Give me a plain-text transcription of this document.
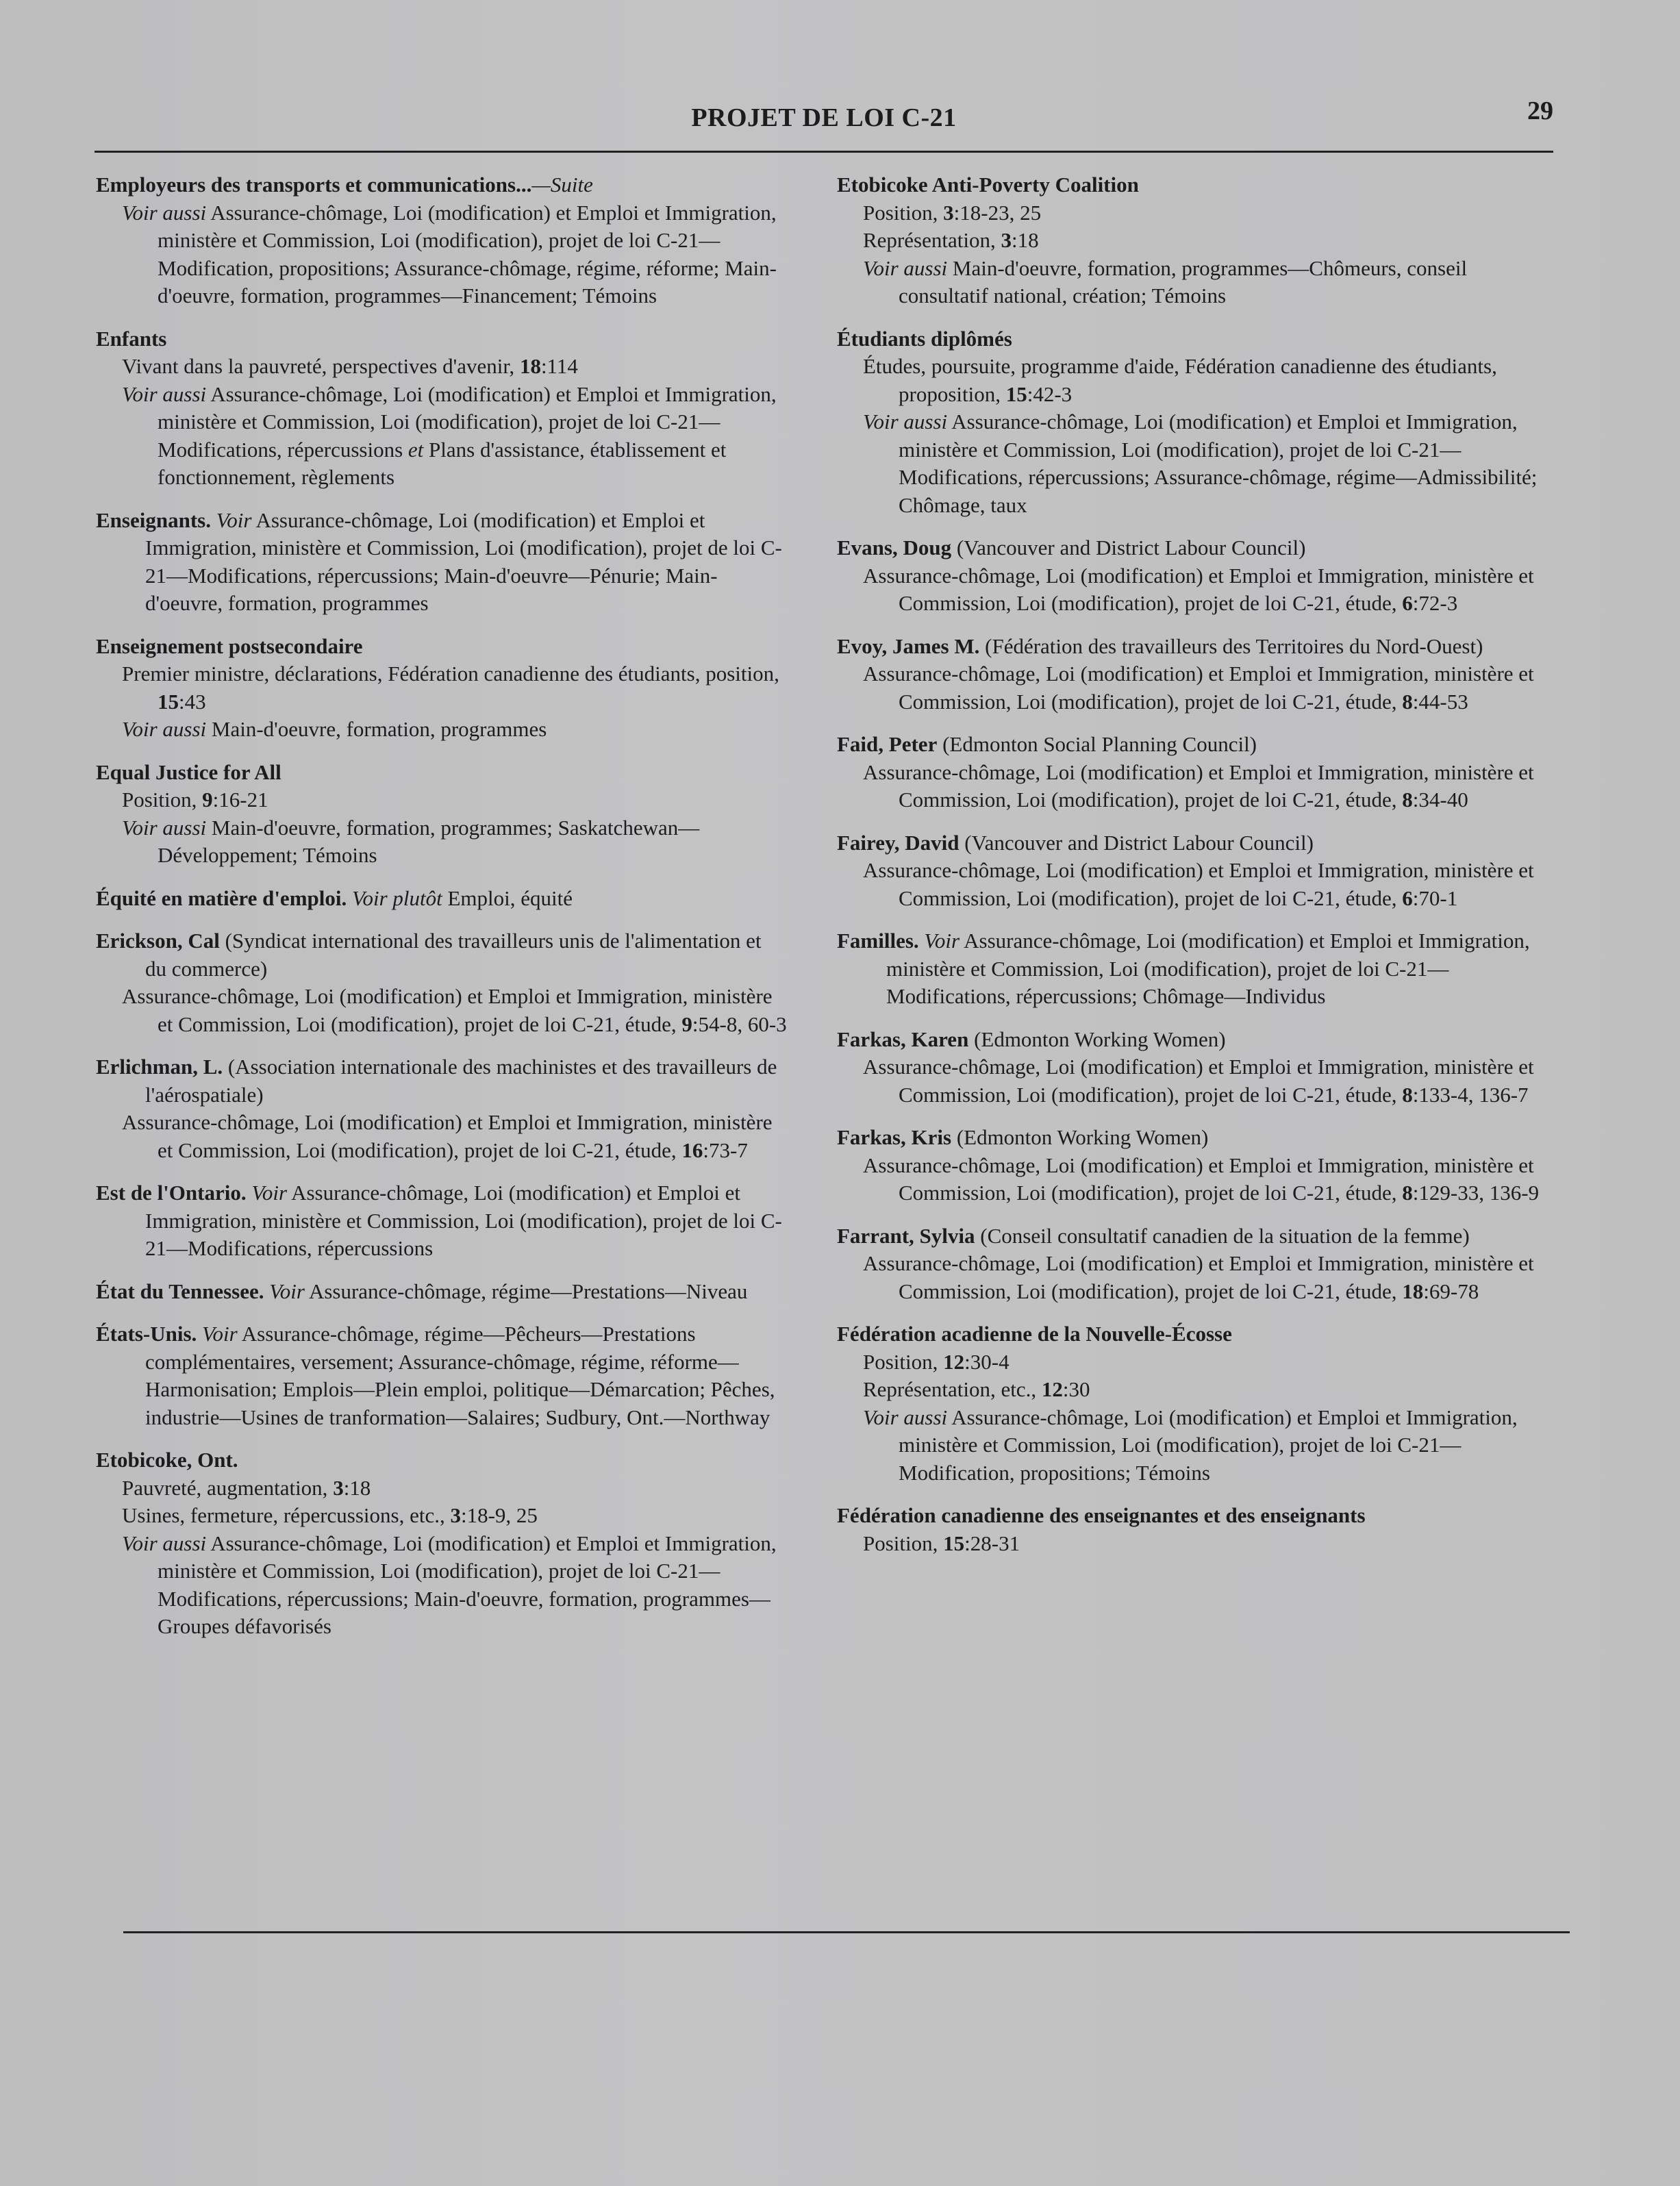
PROJET DE LOI C-21	29
Employeurs des transports et communications...—Suite
Voir aussi Assurance-chômage, Loi (modification) et Emploi et Immigration, ministère et Commission, Loi (modification), projet de loi C-21—Modification, propositions; Assurance-chômage, régime, réforme; Main-d'oeuvre, formation, programmes—Financement; Témoins
Enfants
Vivant dans la pauvreté, perspectives d'avenir, 18:114
Voir aussi Assurance-chômage, Loi (modification) et Emploi et Immigration, ministère et Commission, Loi (modification), projet de loi C-21—Modifications, répercussions et Plans d'assistance, établissement et fonctionnement, règlements
Enseignants. Voir Assurance-chômage, Loi (modification) et Emploi et Immigration, ministère et Commission, Loi (modification), projet de loi C-21—Modifications, répercussions; Main-d'oeuvre—Pénurie; Main-d'oeuvre, formation, programmes
Enseignement postsecondaire
Premier ministre, déclarations, Fédération canadienne des étudiants, position, 15:43
Voir aussi Main-d'oeuvre, formation, programmes
Equal Justice for All
Position, 9:16-21
Voir aussi Main-d'oeuvre, formation, programmes; Saskatchewan—Développement; Témoins
Équité en matière d'emploi. Voir plutôt Emploi, équité
Erickson, Cal (Syndicat international des travailleurs unis de l'alimentation et du commerce)
Assurance-chômage, Loi (modification) et Emploi et Immigration, ministère et Commission, Loi (modification), projet de loi C-21, étude, 9:54-8, 60-3
Erlichman, L. (Association internationale des machinistes et des travailleurs de l'aérospatiale)
Assurance-chômage, Loi (modification) et Emploi et Immigration, ministère et Commission, Loi (modification), projet de loi C-21, étude, 16:73-7
Est de l'Ontario. Voir Assurance-chômage, Loi (modification) et Emploi et Immigration, ministère et Commission, Loi (modification), projet de loi C-21—Modifications, répercussions
État du Tennessee. Voir Assurance-chômage, régime—Prestations—Niveau
États-Unis. Voir Assurance-chômage, régime—Pêcheurs—Prestations complémentaires, versement; Assurance-chômage, régime, réforme—Harmonisation; Emplois—Plein emploi, politique—Démarcation; Pêches, industrie—Usines de tranformation—Salaires; Sudbury, Ont.—Northway
Etobicoke, Ont.
Pauvreté, augmentation, 3:18
Usines, fermeture, répercussions, etc., 3:18-9, 25
Voir aussi Assurance-chômage, Loi (modification) et Emploi et Immigration, ministère et Commission, Loi (modification), projet de loi C-21—Modifications, répercussions; Main-d'oeuvre, formation, programmes—Groupes défavorisés
Etobicoke Anti-Poverty Coalition
Position, 3:18-23, 25
Représentation, 3:18
Voir aussi Main-d'oeuvre, formation, programmes—Chômeurs, conseil consultatif national, création; Témoins
Étudiants diplômés
Études, poursuite, programme d'aide, Fédération canadienne des étudiants, proposition, 15:42-3
Voir aussi Assurance-chômage, Loi (modification) et Emploi et Immigration, ministère et Commission, Loi (modification), projet de loi C-21—Modifications, répercussions; Assurance-chômage, régime—Admissibilité; Chômage, taux
Evans, Doug (Vancouver and District Labour Council)
Assurance-chômage, Loi (modification) et Emploi et Immigration, ministère et Commission, Loi (modification), projet de loi C-21, étude, 6:72-3
Evoy, James M. (Fédération des travailleurs des Territoires du Nord-Ouest)
Assurance-chômage, Loi (modification) et Emploi et Immigration, ministère et Commission, Loi (modification), projet de loi C-21, étude, 8:44-53
Faid, Peter (Edmonton Social Planning Council)
Assurance-chômage, Loi (modification) et Emploi et Immigration, ministère et Commission, Loi (modification), projet de loi C-21, étude, 8:34-40
Fairey, David (Vancouver and District Labour Council)
Assurance-chômage, Loi (modification) et Emploi et Immigration, ministère et Commission, Loi (modification), projet de loi C-21, étude, 6:70-1
Familles. Voir Assurance-chômage, Loi (modification) et Emploi et Immigration, ministère et Commission, Loi (modification), projet de loi C-21—Modifications, répercussions; Chômage—Individus
Farkas, Karen (Edmonton Working Women)
Assurance-chômage, Loi (modification) et Emploi et Immigration, ministère et Commission, Loi (modification), projet de loi C-21, étude, 8:133-4, 136-7
Farkas, Kris (Edmonton Working Women)
Assurance-chômage, Loi (modification) et Emploi et Immigration, ministère et Commission, Loi (modification), projet de loi C-21, étude, 8:129-33, 136-9
Farrant, Sylvia (Conseil consultatif canadien de la situation de la femme)
Assurance-chômage, Loi (modification) et Emploi et Immigration, ministère et Commission, Loi (modification), projet de loi C-21, étude, 18:69-78
Fédération acadienne de la Nouvelle-Écosse
Position, 12:30-4
Représentation, etc., 12:30
Voir aussi Assurance-chômage, Loi (modification) et Emploi et Immigration, ministère et Commission, Loi (modification), projet de loi C-21—Modification, propositions; Témoins
Fédération canadienne des enseignantes et des enseignants
Position, 15:28-31
